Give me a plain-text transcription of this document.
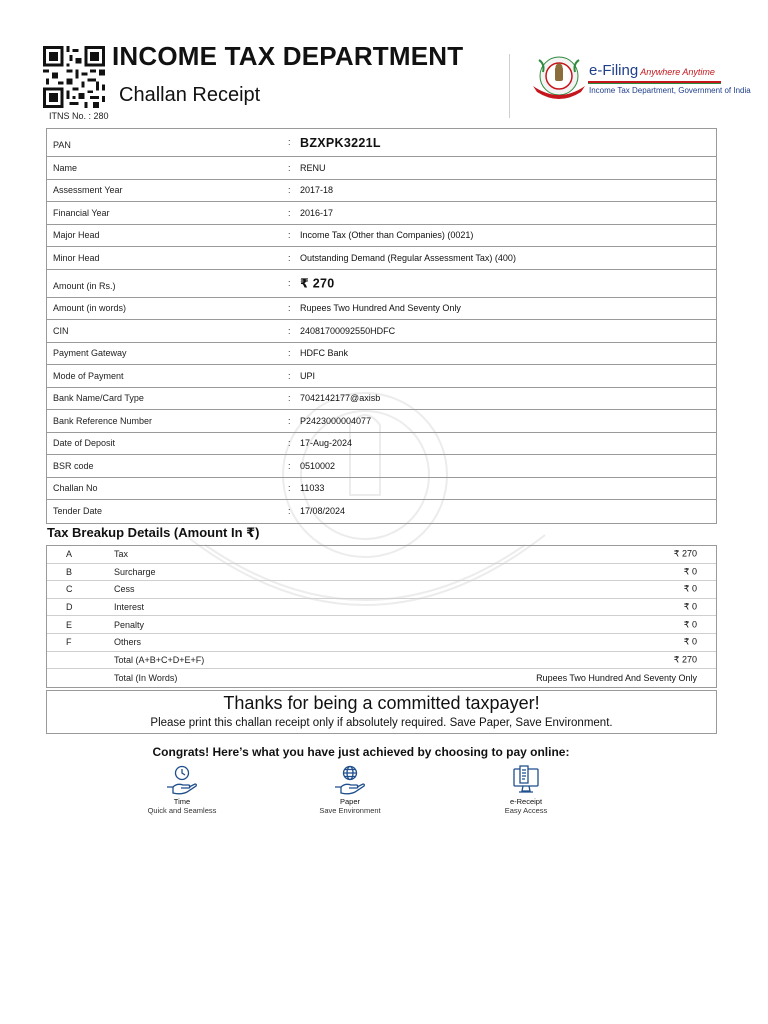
INCOME TAX DEPARTMENT
Challan Receipt
ITNS No. : 280
e-Filing Anywhere Anytime
Income Tax Department, Government of India
PAN	: BZXPK3221L
Name	: RENU
Assessment Year	: 2017-18
Financial Year	: 2016-17
Major Head	: Income Tax (Other than Companies) (0021)
Minor Head	: Outstanding Demand (Regular Assessment Tax) (400)
Amount (in Rs.)	: ₹ 270
Amount (in words)	: Rupees Two Hundred And Seventy Only
CIN	: 24081700092550HDFC
Payment Gateway	: HDFC Bank
Mode of Payment	: UPI
Bank Name/Card Type	: 7042142177@axisb
Bank Reference Number	: P2423000004077
Date of Deposit	: 17-Aug-2024
BSR code	: 0510002
Challan No	: 11033
Tender Date	: 17/08/2024
Tax Breakup Details (Amount In ₹)
A	Tax	₹ 270
B	Surcharge	₹ 0
C	Cess	₹ 0
D	Interest	₹ 0
E	Penalty	₹ 0
F	Others	₹ 0
Total (A+B+C+D+E+F)	₹ 270
Total (In Words)	Rupees Two Hundred And Seventy Only
Thanks for being a committed taxpayer!
Please print this challan receipt only if absolutely required. Save Paper, Save Environment.
Congrats! Here’s what you have just achieved by choosing to pay online:
Time
Quick and Seamless
Paper
Save Environment
e-Receipt
Easy Access
